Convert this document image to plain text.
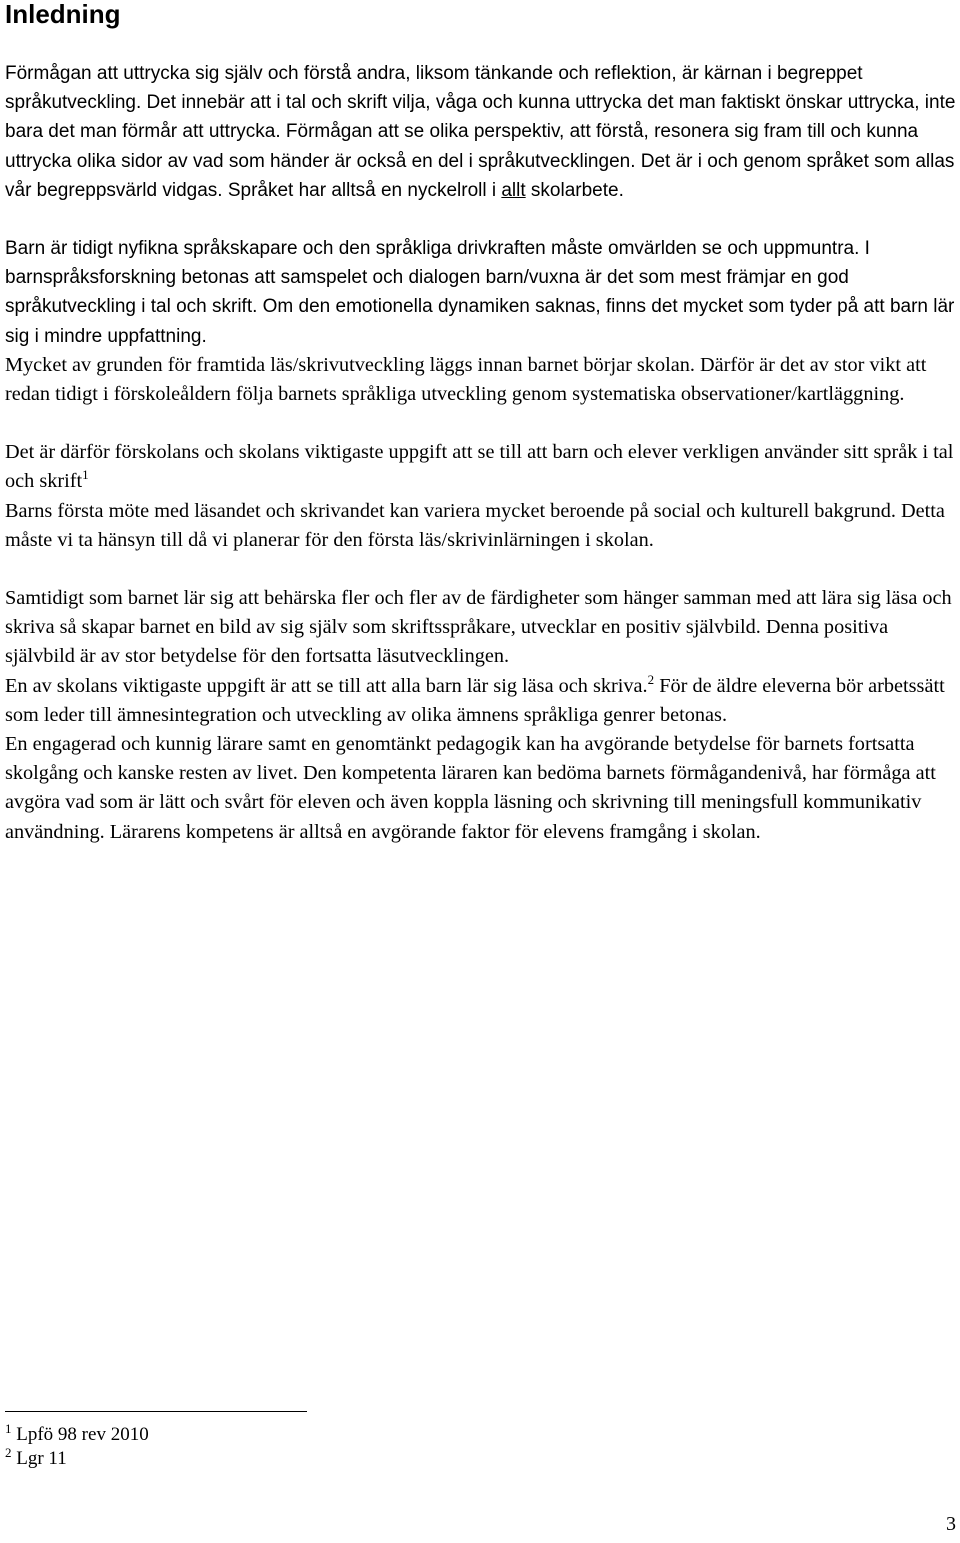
Inledning

Förmågan att uttrycka sig själv och förstå andra, liksom tänkande och reflektion, är kärnan i begreppet språkutveckling. Det innebär att i tal och skrift vilja, våga och kunna uttrycka det man faktiskt önskar uttrycka, inte bara det man förmår att uttrycka. Förmågan att se olika perspektiv, att förstå, resonera sig fram till och kunna uttrycka olika sidor av vad som händer är också en del i språkutvecklingen. Det är i och genom språket som allas vår begreppsvärld vidgas. Språket har alltså en nyckelroll i allt skolarbete.

Barn är tidigt nyfikna språkskapare och den språkliga drivkraften måste omvärlden se och uppmuntra. I barnspråksforskning betonas att samspelet och dialogen barn/vuxna är det som mest främjar en god språkutveckling i tal och skrift. Om den emotionella dynamiken saknas, finns det mycket som tyder på att barn lär sig i mindre uppfattning.

Mycket av grunden för framtida läs/skrivutveckling läggs innan barnet börjar skolan. Därför är det av stor vikt att redan tidigt i förskoleåldern följa barnets språkliga utveckling genom systematiska observationer/kartläggning.

Det är därför förskolans och skolans viktigaste uppgift att se till att barn och elever verkligen använder sitt språk i tal och skrift$^1$

Barns första möte med läsandet och skrivandet kan variera mycket beroende på social och kulturell bakgrund. Detta måste vi ta hänsyn till då vi planerar för den första läs/skrivinlärningen i skolan.

Samtidigt som barnet lär sig att behärska fler och fler av de färdigheter som hänger samman med att lära sig läsa och skriva så skapar barnet en bild av sig själv som skriftsspråkare, utvecklar en positiv självbild. Denna positiva självbild är av stor betydelse för den fortsatta läsutvecklingen.

En av skolans viktigaste uppgift är att se till att alla barn lär sig läsa och skriva.$^2$ För de äldre eleverna bör arbetssätt som leder till ämnesintegration och utveckling av olika ämnens språkliga genrer betonas.

En engagerad och kunnig lärare samt en genomtänkt pedagogik kan ha avgörande betydelse för barnets fortsatta skolgång och kanske resten av livet. Den kompetenta läraren kan bedöma barnets förmågandenivå, har förmåga att avgöra vad som är lätt och svårt för eleven och även koppla läsning och skrivning till meningsfull kommunikativ användning. Lärarens kompetens är alltså en avgörande faktor för elevens framgång i skolan.

$^1$ Lpfö 98 rev 2010
$^2$ Lgr 11
3
